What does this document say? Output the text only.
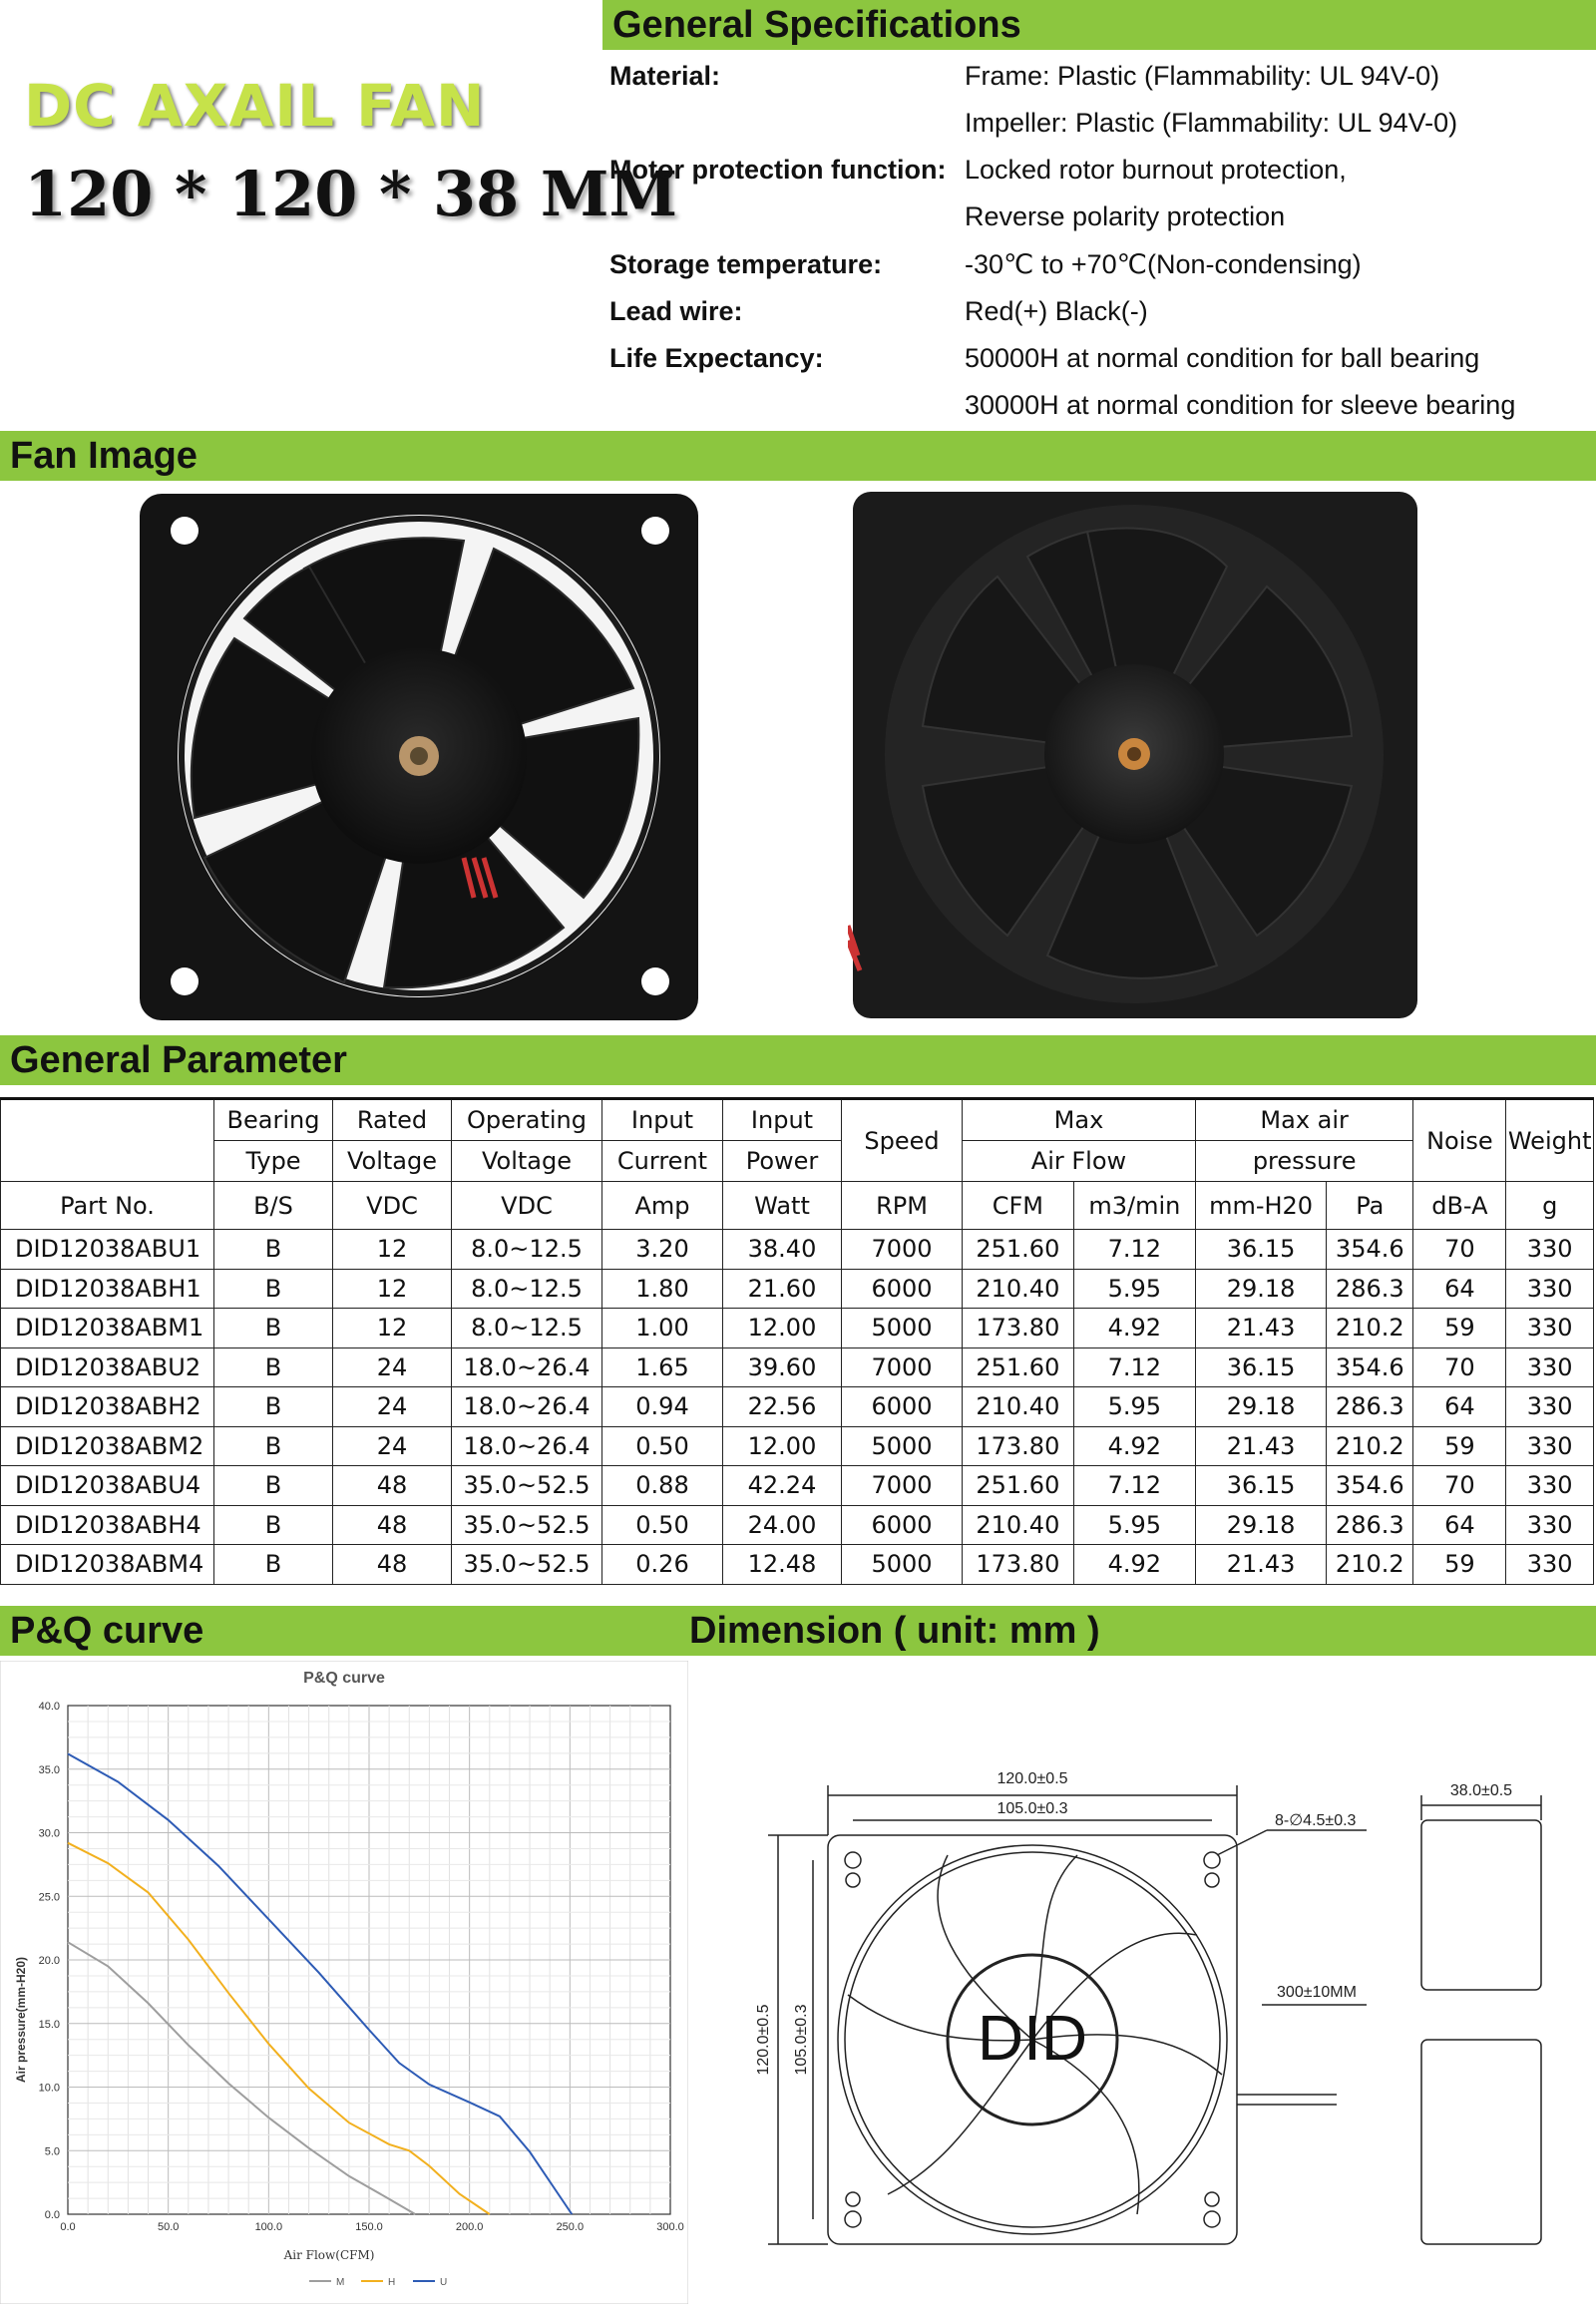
DC AXAIL FAN
120 * 120 * 38 MM
General Specifications
Material:	Frame: Plastic (Flammability: UL 94V-0)
Impeller: Plastic (Flammability: UL 94V-0)
Motor protection function: Locked rotor burnout protection,
Reverse polarity protection
Storage temperature:	-30℃ to +70℃(Non-condensing)
Lead wire:	Red(+) Black(-)
Life Expectancy:	50000H at normal condition for ball bearing
30000H at normal condition for sleeve bearing
Fan Image
General Parameter
	Bearing	Rated	Operating	Input	Input	Speed	Max		Max air		Noise	Weight
	Type	Voltage	Voltage	Current	Power		Air Flow		pressure			
Part No.	B/S	VDC	VDC	Amp	Watt	RPM	CFM	m3/min	mm-H20	Pa	dB-A	g
DID12038ABU1	B	12	8.0~12.5	3.20	38.40	7000	251.60	7.12	36.15	354.6	70	330
DID12038ABH1	B	12	8.0~12.5	1.80	21.60	6000	210.40	5.95	29.18	286.3	64	330
DID12038ABM1	B	12	8.0~12.5	1.00	12.00	5000	173.80	4.92	21.43	210.2	59	330
DID12038ABU2	B	24	18.0~26.4	1.65	39.60	7000	251.60	7.12	36.15	354.6	70	330
DID12038ABH2	B	24	18.0~26.4	0.94	22.56	6000	210.40	5.95	29.18	286.3	64	330
DID12038ABM2	B	24	18.0~26.4	0.50	12.00	5000	173.80	4.92	21.43	210.2	59	330
DID12038ABU4	B	48	35.0~52.5	0.88	42.24	7000	251.60	7.12	36.15	354.6	70	330
DID12038ABH4	B	48	35.0~52.5	0.50	24.00	6000	210.40	5.95	29.18	286.3	64	330
DID12038ABM4	B	48	35.0~52.5	0.26	12.48	5000	173.80	4.92	21.43	210.2	59	330
P&Q curve	Dimension ( unit: mm )
P&Q curve
0.0	50.0	100.0	150.0	200.0	250.0	300.0
0.0
5.0
10.0
15.0
20.0
25.0
30.0
35.0
40.0
Air Flow(CFM)
Air pressure(mm-H20)
M	H	U
120.0±0.5
105.0±0.3
8-∅4.5±0.3
38.0±0.5
120.0±0.5 105.0±0.3
300±10MM
DID
